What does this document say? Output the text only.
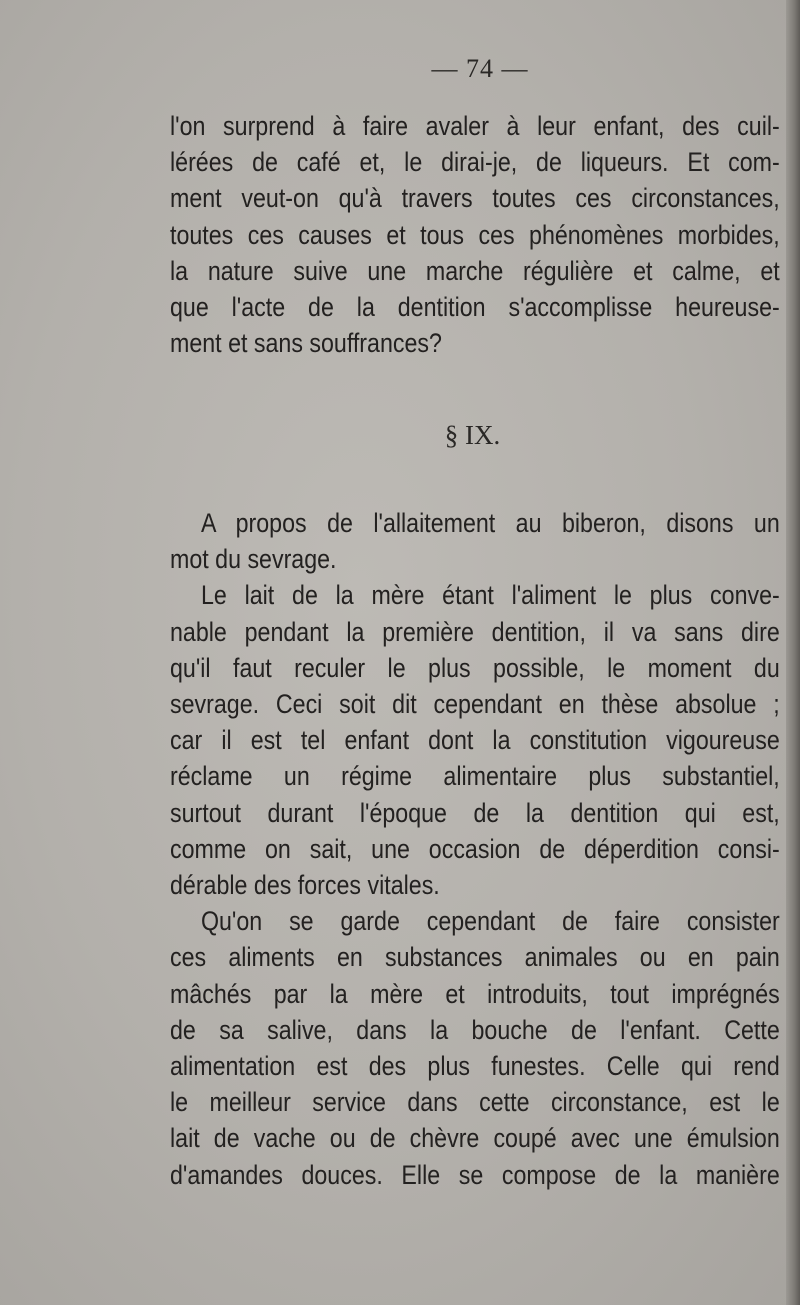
— 74 —
l'on surprend à faire avaler à leur enfant, des cuil-
lérées de café et, le dirai-je, de liqueurs. Et com-
ment veut-on qu'à travers toutes ces circonstances,
toutes ces causes et tous ces phénomènes morbides,
la nature suive une marche régulière et calme, et
que l'acte de la dentition s'accomplisse heureuse-
ment et sans souffrances?
§ IX.
A propos de l'allaitement au biberon, disons un
mot du sevrage.
Le lait de la mère étant l'aliment le plus conve-
nable pendant la première dentition, il va sans dire
qu'il faut reculer le plus possible, le moment du
sevrage. Ceci soit dit cependant en thèse absolue ;
car il est tel enfant dont la constitution vigoureuse
réclame un régime alimentaire plus substantiel,
surtout durant l'époque de la dentition qui est,
comme on sait, une occasion de déperdition consi-
dérable des forces vitales.
Qu'on se garde cependant de faire consister
ces aliments en substances animales ou en pain
mâchés par la mère et introduits, tout imprégnés
de sa salive, dans la bouche de l'enfant. Cette
alimentation est des plus funestes. Celle qui rend
le meilleur service dans cette circonstance, est le
lait de vache ou de chèvre coupé avec une émulsion
d'amandes douces. Elle se compose de la manière
